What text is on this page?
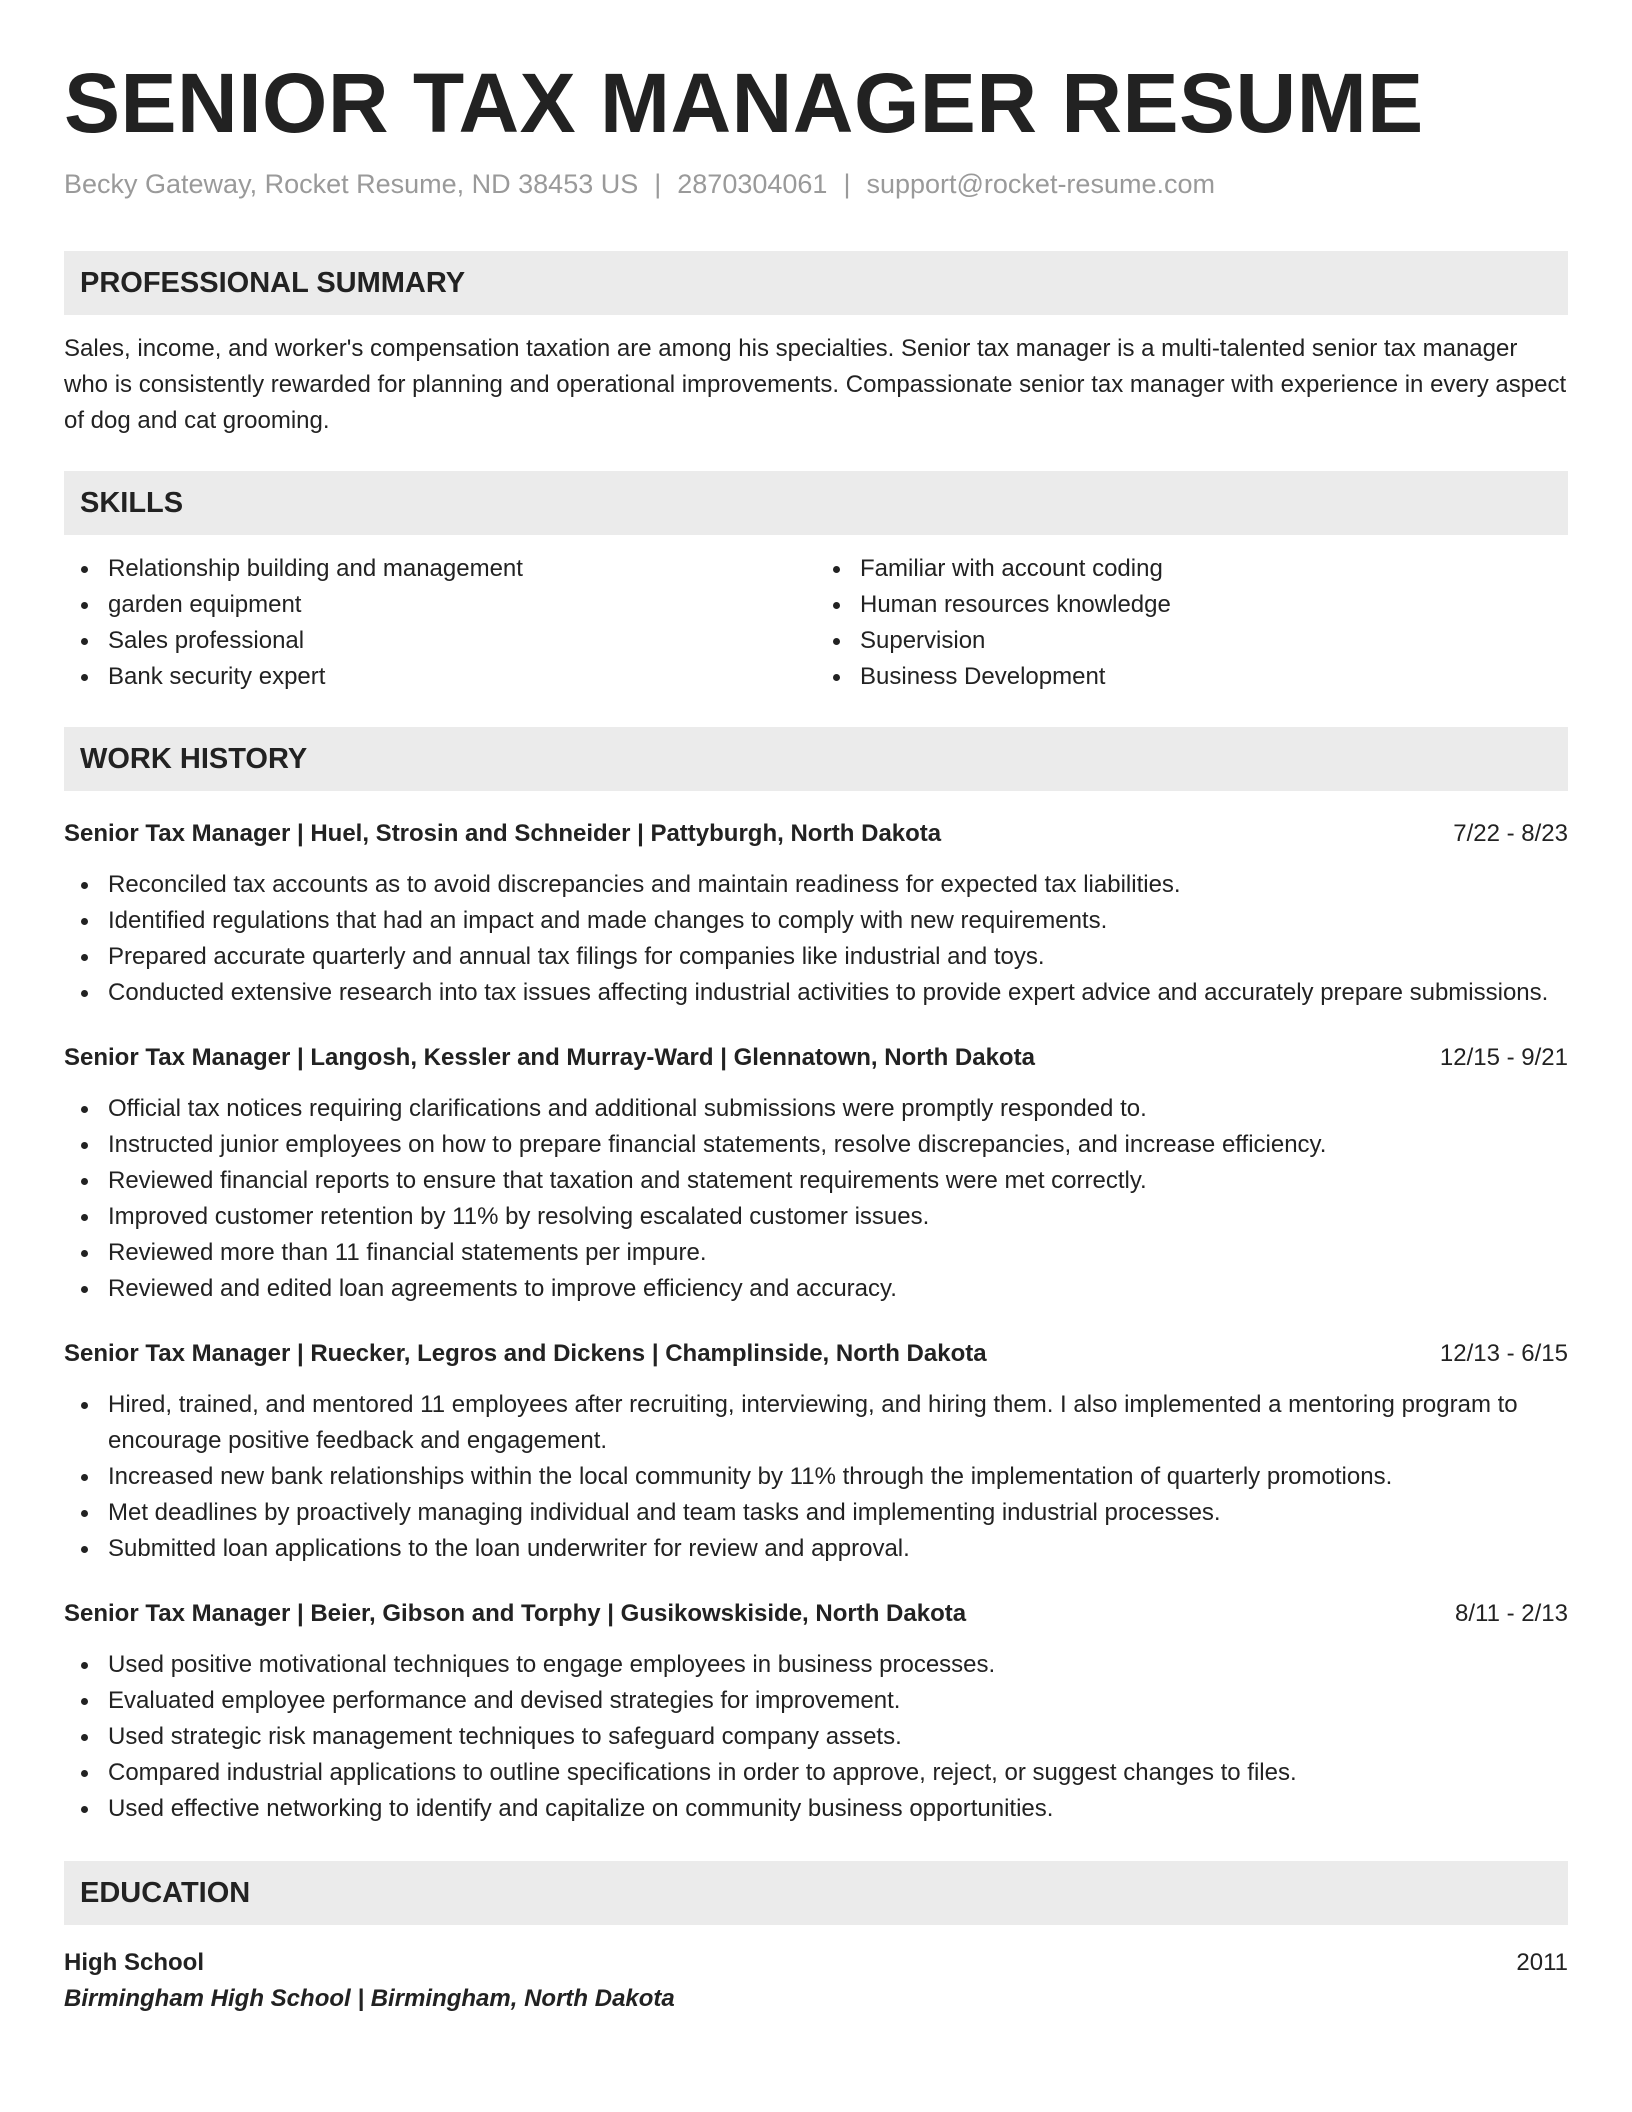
SENIOR TAX MANAGER RESUME
Becky Gateway, Rocket Resume, ND 38453 US | 2870304061 | support@rocket-resume.com
PROFESSIONAL SUMMARY
Sales, income, and worker's compensation taxation are among his specialties. Senior tax manager is a multi-talented senior tax manager who is consistently rewarded for planning and operational improvements. Compassionate senior tax manager with experience in every aspect of dog and cat grooming.
SKILLS
Relationship building and management
garden equipment
Sales professional
Bank security expert
Familiar with account coding
Human resources knowledge
Supervision
Business Development
WORK HISTORY
Senior Tax Manager | Huel, Strosin and Schneider | Pattyburgh, North Dakota	7/22 - 8/23
Reconciled tax accounts as to avoid discrepancies and maintain readiness for expected tax liabilities.
Identified regulations that had an impact and made changes to comply with new requirements.
Prepared accurate quarterly and annual tax filings for companies like industrial and toys.
Conducted extensive research into tax issues affecting industrial activities to provide expert advice and accurately prepare submissions.
Senior Tax Manager | Langosh, Kessler and Murray-Ward | Glennatown, North Dakota	12/15 - 9/21
Official tax notices requiring clarifications and additional submissions were promptly responded to.
Instructed junior employees on how to prepare financial statements, resolve discrepancies, and increase efficiency.
Reviewed financial reports to ensure that taxation and statement requirements were met correctly.
Improved customer retention by 11% by resolving escalated customer issues.
Reviewed more than 11 financial statements per impure.
Reviewed and edited loan agreements to improve efficiency and accuracy.
Senior Tax Manager | Ruecker, Legros and Dickens | Champlinside, North Dakota	12/13 - 6/15
Hired, trained, and mentored 11 employees after recruiting, interviewing, and hiring them. I also implemented a mentoring program to encourage positive feedback and engagement.
Increased new bank relationships within the local community by 11% through the implementation of quarterly promotions.
Met deadlines by proactively managing individual and team tasks and implementing industrial processes.
Submitted loan applications to the loan underwriter for review and approval.
Senior Tax Manager | Beier, Gibson and Torphy | Gusikowskiside, North Dakota	8/11 - 2/13
Used positive motivational techniques to engage employees in business processes.
Evaluated employee performance and devised strategies for improvement.
Used strategic risk management techniques to safeguard company assets.
Compared industrial applications to outline specifications in order to approve, reject, or suggest changes to files.
Used effective networking to identify and capitalize on community business opportunities.
EDUCATION
High School	2011
Birmingham High School | Birmingham, North Dakota
